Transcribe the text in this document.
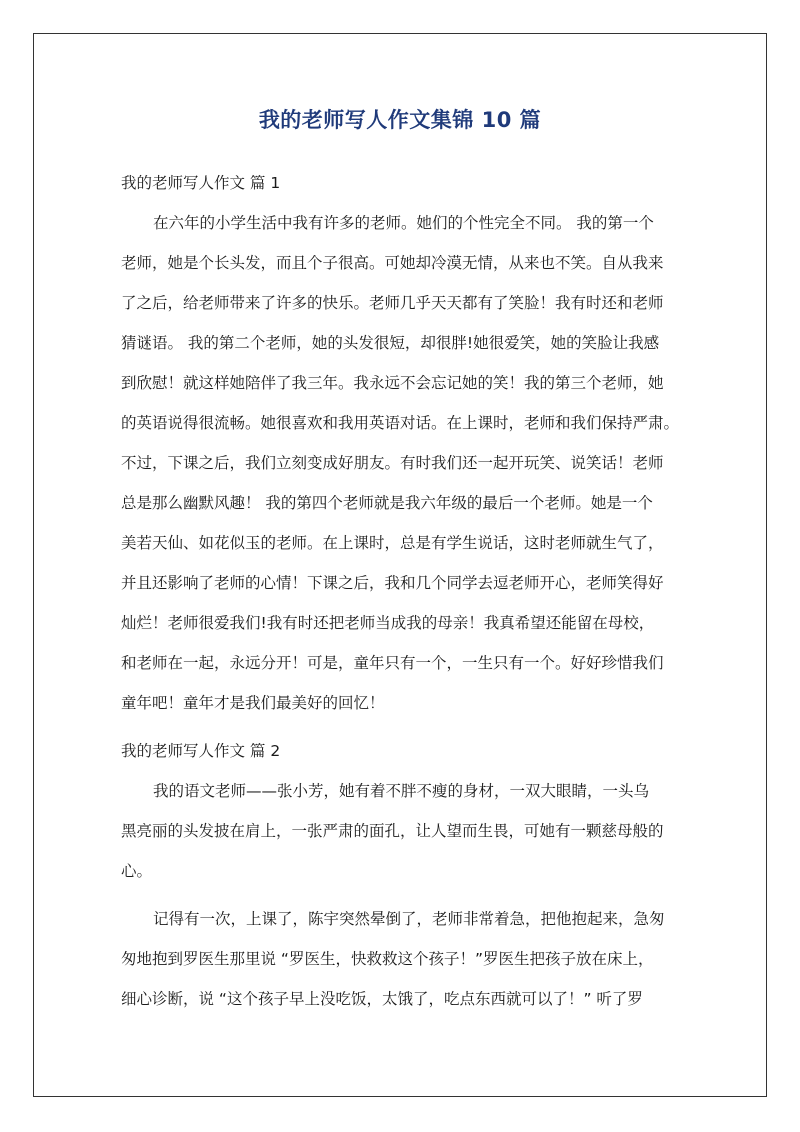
我的老师写人作文集锦 10 篇
我的老师写人作文 篇 1
在六年的小学生活中我有许多的老师。她们的个性完全不同。 我的第一个
老师，她是个长头发，而且个子很高。可她却冷漠无情，从来也不笑。自从我来
了之后，给老师带来了许多的快乐。老师几乎天天都有了笑脸！我有时还和老师
猜谜语。 我的第二个老师，她的头发很短，却很胖!她很爱笑，她的笑脸让我感
到欣慰！就这样她陪伴了我三年。我永远不会忘记她的笑！我的第三个老师，她
的英语说得很流畅。她很喜欢和我用英语对话。在上课时，老师和我们保持严肃。
不过，下课之后，我们立刻变成好朋友。有时我们还一起开玩笑、说笑话！老师
总是那么幽默风趣！ 我的第四个老师就是我六年级的最后一个老师。她是一个
美若天仙、如花似玉的老师。在上课时，总是有学生说话，这时老师就生气了，
并且还影响了老师的心情！下课之后，我和几个同学去逗老师开心，老师笑得好
灿烂！老师很爱我们!我有时还把老师当成我的母亲！我真希望还能留在母校，
和老师在一起，永远分开！可是，童年只有一个，一生只有一个。好好珍惜我们
童年吧！童年才是我们最美好的回忆！
我的老师写人作文 篇 2
我的语文老师——张小芳，她有着不胖不瘦的身材，一双大眼睛，一头乌
黑亮丽的头发披在肩上，一张严肃的面孔，让人望而生畏，可她有一颗慈母般的
心。
记得有一次，上课了，陈宇突然晕倒了，老师非常着急，把他抱起来，急匆
匆地抱到罗医生那里说 “罗医生，快救救这个孩子！”罗医生把孩子放在床上，
细心诊断，说 “这个孩子早上没吃饭，太饿了，吃点东西就可以了！” 听了罗
